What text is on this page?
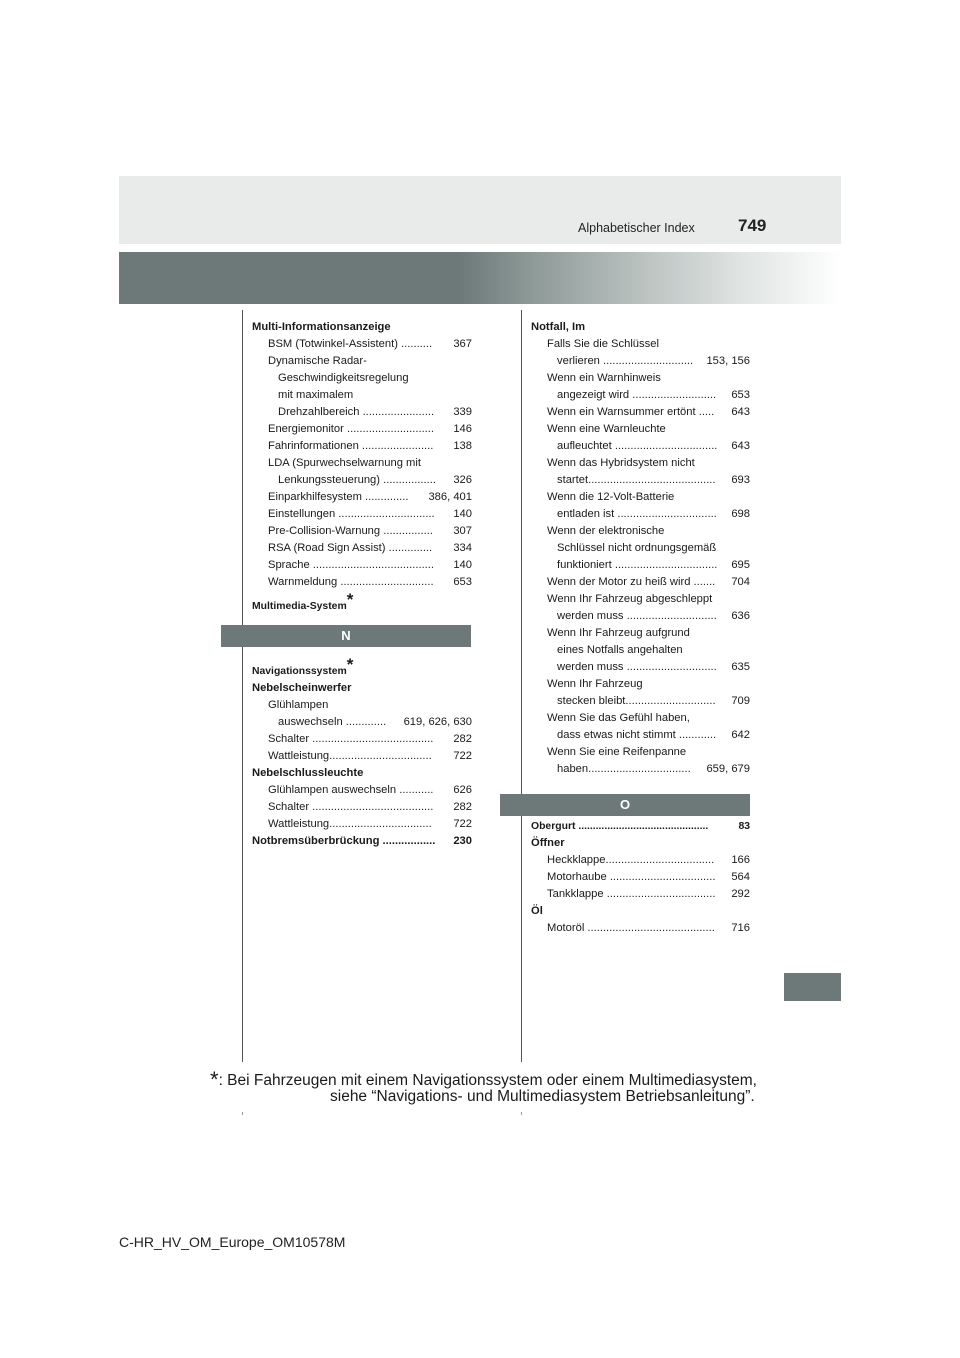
Alphabetischer Index	749
Multi-Informationsanzeige
BSM (Totwinkel-Assistent) ..........	367
Dynamische Radar-
Geschwindigkeitsregelung
mit maximalem
Drehzahlbereich .......................	339
Energiemonitor ............................	146
Fahrinformationen .......................	138
LDA (Spurwechselwarnung mit
Lenkungssteuerung) .................	326
Einparkhilfesystem ..............	386, 401
Einstellungen ...............................	140
Pre-Collision-Warnung ................	307
RSA (Road Sign Assist) ..............	334
Sprache .......................................	140
Warnmeldung ..............................	653
Multimedia-System*
N
Navigationssystem*
Nebelscheinwerfer
Glühlampen
auswechseln .............	619, 626, 630
Schalter .......................................	282
Wattleistung.................................	722
Nebelschlussleuchte
Glühlampen auswechseln ...........	626
Schalter .......................................	282
Wattleistung.................................	722
Notbremsüberbrückung .................	230
Notfall, Im
Falls Sie die Schlüssel
verlieren .............................	153, 156
Wenn ein Warnhinweis
angezeigt wird ...........................	653
Wenn ein Warnsummer ertönt .....	643
Wenn eine Warnleuchte
aufleuchtet .................................	643
Wenn das Hybridsystem nicht
startet.........................................	693
Wenn die 12-Volt-Batterie
entladen ist ................................	698
Wenn der elektronische
Schlüssel nicht ordnungsgemäß
funktioniert .................................	695
Wenn der Motor zu heiß wird .......	704
Wenn Ihr Fahrzeug abgeschleppt
werden muss .............................	636
Wenn Ihr Fahrzeug aufgrund
eines Notfalls angehalten
werden muss .............................	635
Wenn Ihr Fahrzeug
stecken bleibt.............................	709
Wenn Sie das Gefühl haben,
dass etwas nicht stimmt ............	642
Wenn Sie eine Reifenpanne
haben.................................	659, 679
O
Obergurt .............................................	83
Öffner
Heckklappe...................................	166
Motorhaube ..................................	564
Tankklappe ...................................	292
Öl
Motoröl .........................................	716
*: Bei Fahrzeugen mit einem Navigationssystem oder einem Multimediasystem,
siehe “Navigations- und Multimediasystem Betriebsanleitung”.
C-HR_HV_OM_Europe_OM10578M
